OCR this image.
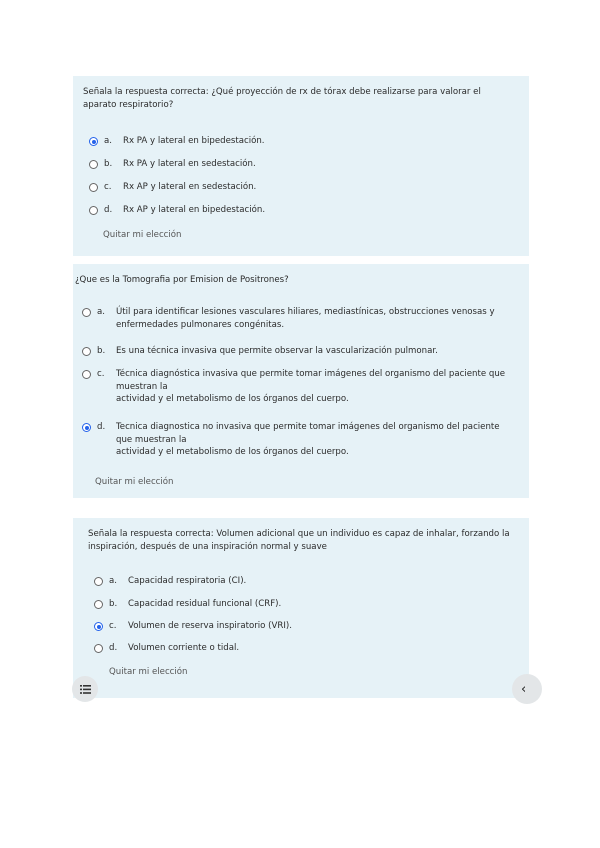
Señala la respuesta correcta: ¿Qué proyección de rx de tórax debe realizarse para valorar el
aparato respiratorio?
a.	Rx PA y lateral en bipedestación.
b.	Rx PA y lateral en sedestación.
c.	Rx AP y lateral en sedestación.
d.	Rx AP y lateral en bipedestación.
Quitar mi elección
¿Que es la Tomografia por Emision de Positrones?
a.	Útil para identificar lesiones vasculares hiliares, mediastínicas, obstrucciones venosas y
enfermedades pulmonares congénitas.
b.	Es una técnica invasiva que permite observar la vascularización pulmonar.
c.	Técnica diagnóstica invasiva que permite tomar imágenes del organismo del paciente que
muestran la
actividad y el metabolismo de los órganos del cuerpo.
d.	Tecnica diagnostica no invasiva que permite tomar imágenes del organismo del paciente
que muestran la
actividad y el metabolismo de los órganos del cuerpo.
Quitar mi elección
Señala la respuesta correcta: Volumen adicional que un individuo es capaz de inhalar, forzando la
inspiración, después de una inspiración normal y suave
a.	Capacidad respiratoria (CI).
b.	Capacidad residual funcional (CRF).
c.	Volumen de reserva inspiratorio (VRI).
d.	Volumen corriente o tidal.
Quitar mi elección
‹
